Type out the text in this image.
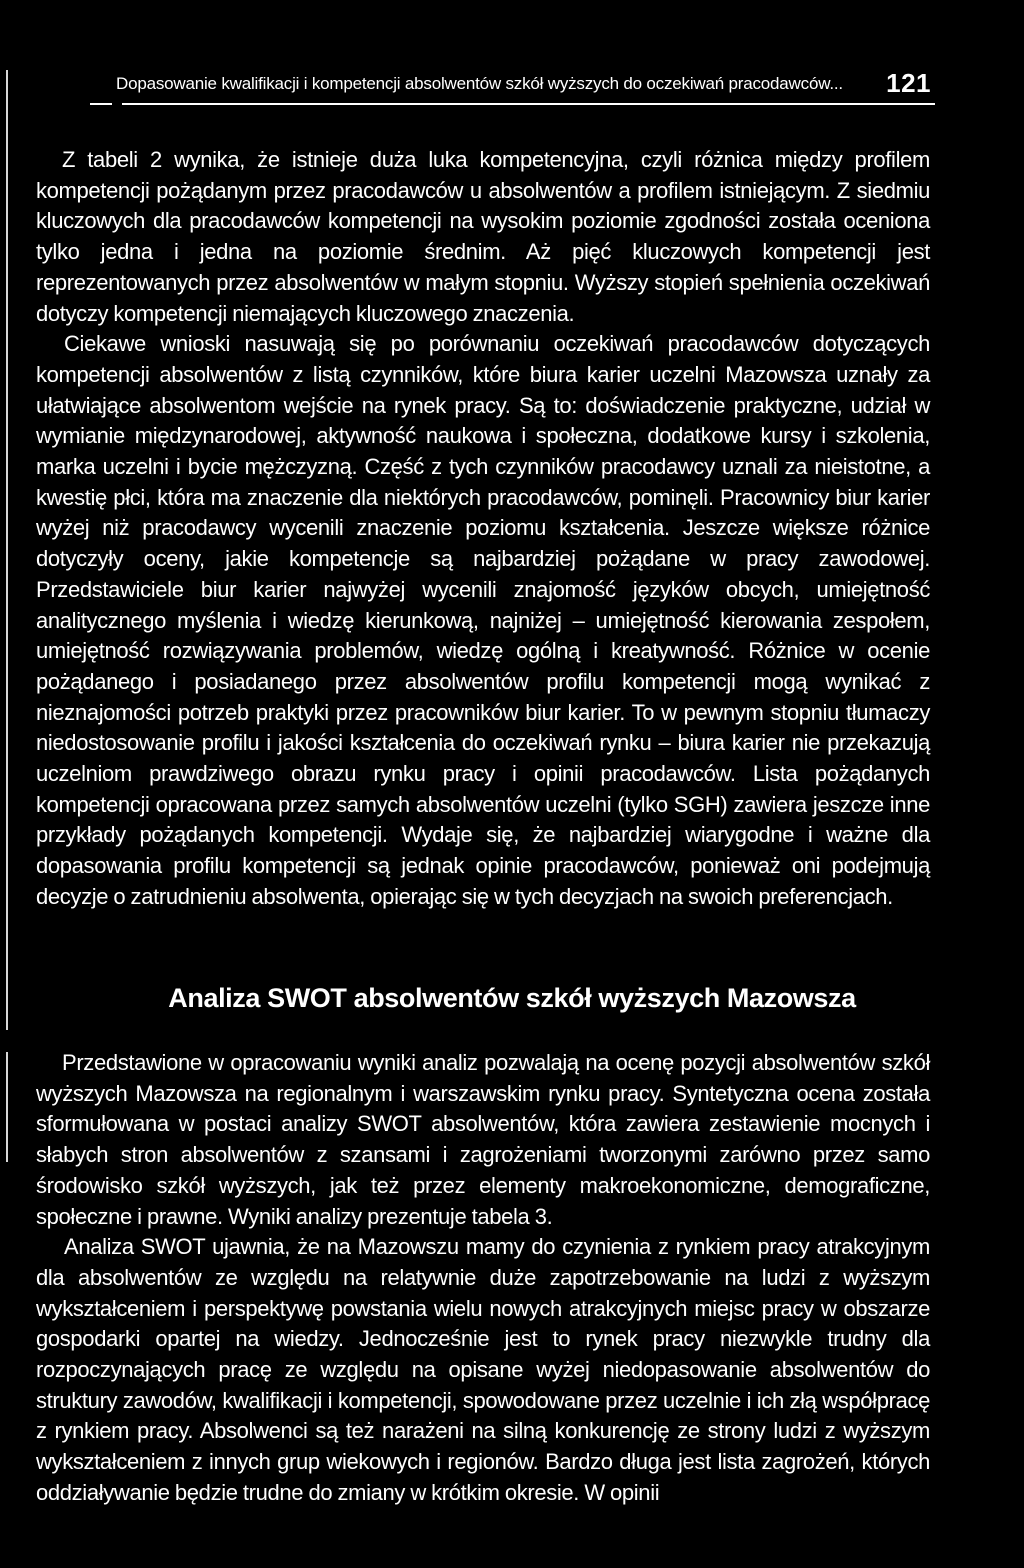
Dopasowanie kwalifikacji i kompetencji absolwentów szkół wyższych do oczekiwań pracodawców... 121

Z tabeli 2 wynika, że istnieje duża luka kompetencyjna, czyli różnica między profilem kompetencji pożądanym przez pracodawców u absolwentów a profilem istniejącym. Z siedmiu kluczowych dla pracodawców kompetencji na wysokim poziomie zgodności została oceniona tylko jedna i jedna na poziomie średnim. Aż pięć kluczowych kompetencji jest reprezentowanych przez absolwentów w małym stopniu. Wyższy stopień spełnienia oczekiwań dotyczy kompetencji niemających kluczowego znaczenia.

Ciekawe wnioski nasuwają się po porównaniu oczekiwań pracodawców dotyczących kompetencji absolwentów z listą czynników, które biura karier uczelni Mazowsza uznały za ułatwiające absolwentom wejście na rynek pracy. Są to: doświadczenie praktyczne, udział w wymianie międzynarodowej, aktywność naukowa i społeczna, dodatkowe kursy i szkolenia, marka uczelni i bycie mężczyzną. Część z tych czynników pracodawcy uznali za nieistotne, a kwestię płci, która ma znaczenie dla niektórych pracodawców, pominęli. Pracownicy biur karier wyżej niż pracodawcy wycenili znaczenie poziomu kształcenia. Jeszcze większe różnice dotyczyły oceny, jakie kompetencje są najbardziej pożądane w pracy zawodowej. Przedstawiciele biur karier najwyżej wycenili znajomość języków obcych, umiejętność analitycznego myślenia i wiedzę kierunkową, najniżej – umiejętność kierowania zespołem, umiejętność rozwiązywania problemów, wiedzę ogólną i kreatywność. Różnice w ocenie pożądanego i posiadanego przez absolwentów profilu kompetencji mogą wynikać z nieznajomości potrzeb praktyki przez pracowników biur karier. To w pewnym stopniu tłumaczy niedostosowanie profilu i jakości kształcenia do oczekiwań rynku – biura karier nie przekazują uczelniom prawdziwego obrazu rynku pracy i opinii pracodawców. Lista pożądanych kompetencji opracowana przez samych absolwentów uczelni (tylko SGH) zawiera jeszcze inne przykłady pożądanych kompetencji. Wydaje się, że najbardziej wiarygodne i ważne dla dopasowania profilu kompetencji są jednak opinie pracodawców, ponieważ oni podejmują decyzje o zatrudnieniu absolwenta, opierając się w tych decyzjach na swoich preferencjach.

Analiza SWOT absolwentów szkół wyższych Mazowsza

Przedstawione w opracowaniu wyniki analiz pozwalają na ocenę pozycji absolwentów szkół wyższych Mazowsza na regionalnym i warszawskim rynku pracy. Syntetyczna ocena została sformułowana w postaci analizy SWOT absolwentów, która zawiera zestawienie mocnych i słabych stron absolwentów z szansami i zagrożeniami tworzonymi zarówno przez samo środowisko szkół wyższych, jak też przez elementy makroekonomiczne, demograficzne, społeczne i prawne. Wyniki analizy prezentuje tabela 3.

Analiza SWOT ujawnia, że na Mazowszu mamy do czynienia z rynkiem pracy atrakcyjnym dla absolwentów ze względu na relatywnie duże zapotrzebowanie na ludzi z wyższym wykształceniem i perspektywę powstania wielu nowych atrakcyjnych miejsc pracy w obszarze gospodarki opartej na wiedzy. Jednocześnie jest to rynek pracy niezwykle trudny dla rozpoczynających pracę ze względu na opisane wyżej niedopasowanie absolwentów do struktury zawodów, kwalifikacji i kompetencji, spowodowane przez uczelnie i ich złą współpracę z rynkiem pracy. Absolwenci są też narażeni na silną konkurencję ze strony ludzi z wyższym wykształceniem z innych grup wiekowych i regionów. Bardzo długa jest lista zagrożeń, których oddziaływanie będzie trudne do zmiany w krótkim okresie. W opinii
